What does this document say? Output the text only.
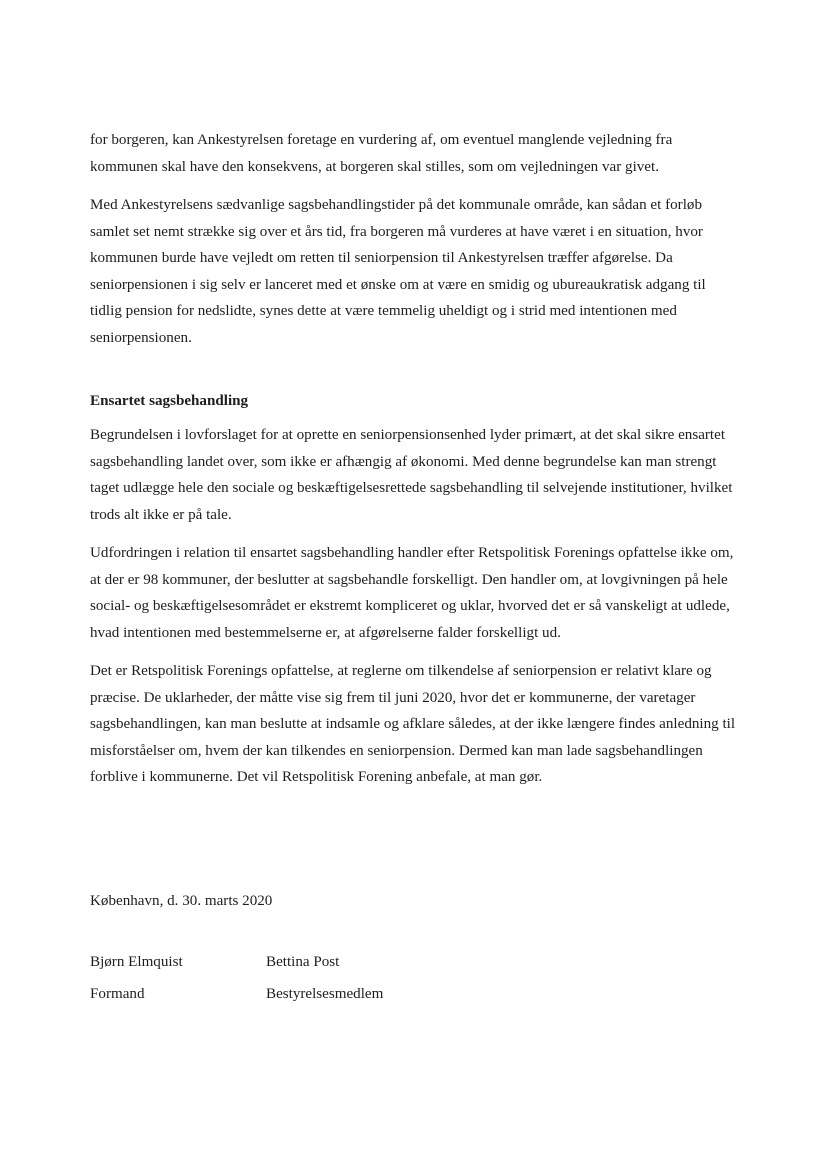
for borgeren, kan Ankestyrelsen foretage en vurdering af, om eventuel manglende vejledning fra kommunen skal have den konsekvens, at borgeren skal stilles, som om vejledningen var givet.

Med Ankestyrelsens sædvanlige sagsbehandlingstider på det kommunale område, kan sådan et forløb samlet set nemt strække sig over et års tid, fra borgeren må vurderes at have været i en situation, hvor kommunen burde have vejledt om retten til seniorpension til Ankestyrelsen træffer afgørelse. Da seniorpensionen i sig selv er lanceret med et ønske om at være en smidig og ubureaukratisk adgang til tidlig pension for nedslidte, synes dette at være temmelig uheldigt og i strid med intentionen med seniorpensionen.

Ensartet sagsbehandling

Begrundelsen i lovforslaget for at oprette en seniorpensionsenhed lyder primært, at det skal sikre ensartet sagsbehandling landet over, som ikke er afhængig af økonomi. Med denne begrundelse kan man strengt taget udlægge hele den sociale og beskæftigelsesrettede sagsbehandling til selvejende institutioner, hvilket trods alt ikke er på tale.

Udfordringen i relation til ensartet sagsbehandling handler efter Retspolitisk Forenings opfattelse ikke om, at der er 98 kommuner, der beslutter at sagsbehandle forskelligt. Den handler om, at lovgivningen på hele social- og beskæftigelsesområdet er ekstremt kompliceret og uklar, hvorved det er så vanskeligt at udlede, hvad intentionen med bestemmelserne er, at afgørelserne falder forskelligt ud.

Det er Retspolitisk Forenings opfattelse, at reglerne om tilkendelse af seniorpension er relativt klare og præcise. De uklarheder, der måtte vise sig frem til juni 2020, hvor det er kommunerne, der varetager sagsbehandlingen, kan man beslutte at indsamle og afklare således, at der ikke længere findes anledning til misforståelser om, hvem der kan tilkendes en seniorpension. Dermed kan man lade sagsbehandlingen forblive i kommunerne. Det vil Retspolitisk Forening anbefale, at man gør.

København, d. 30. marts 2020
Bjørn Elmquist
Formand
Bettina Post
Bestyrelsesmedlem
